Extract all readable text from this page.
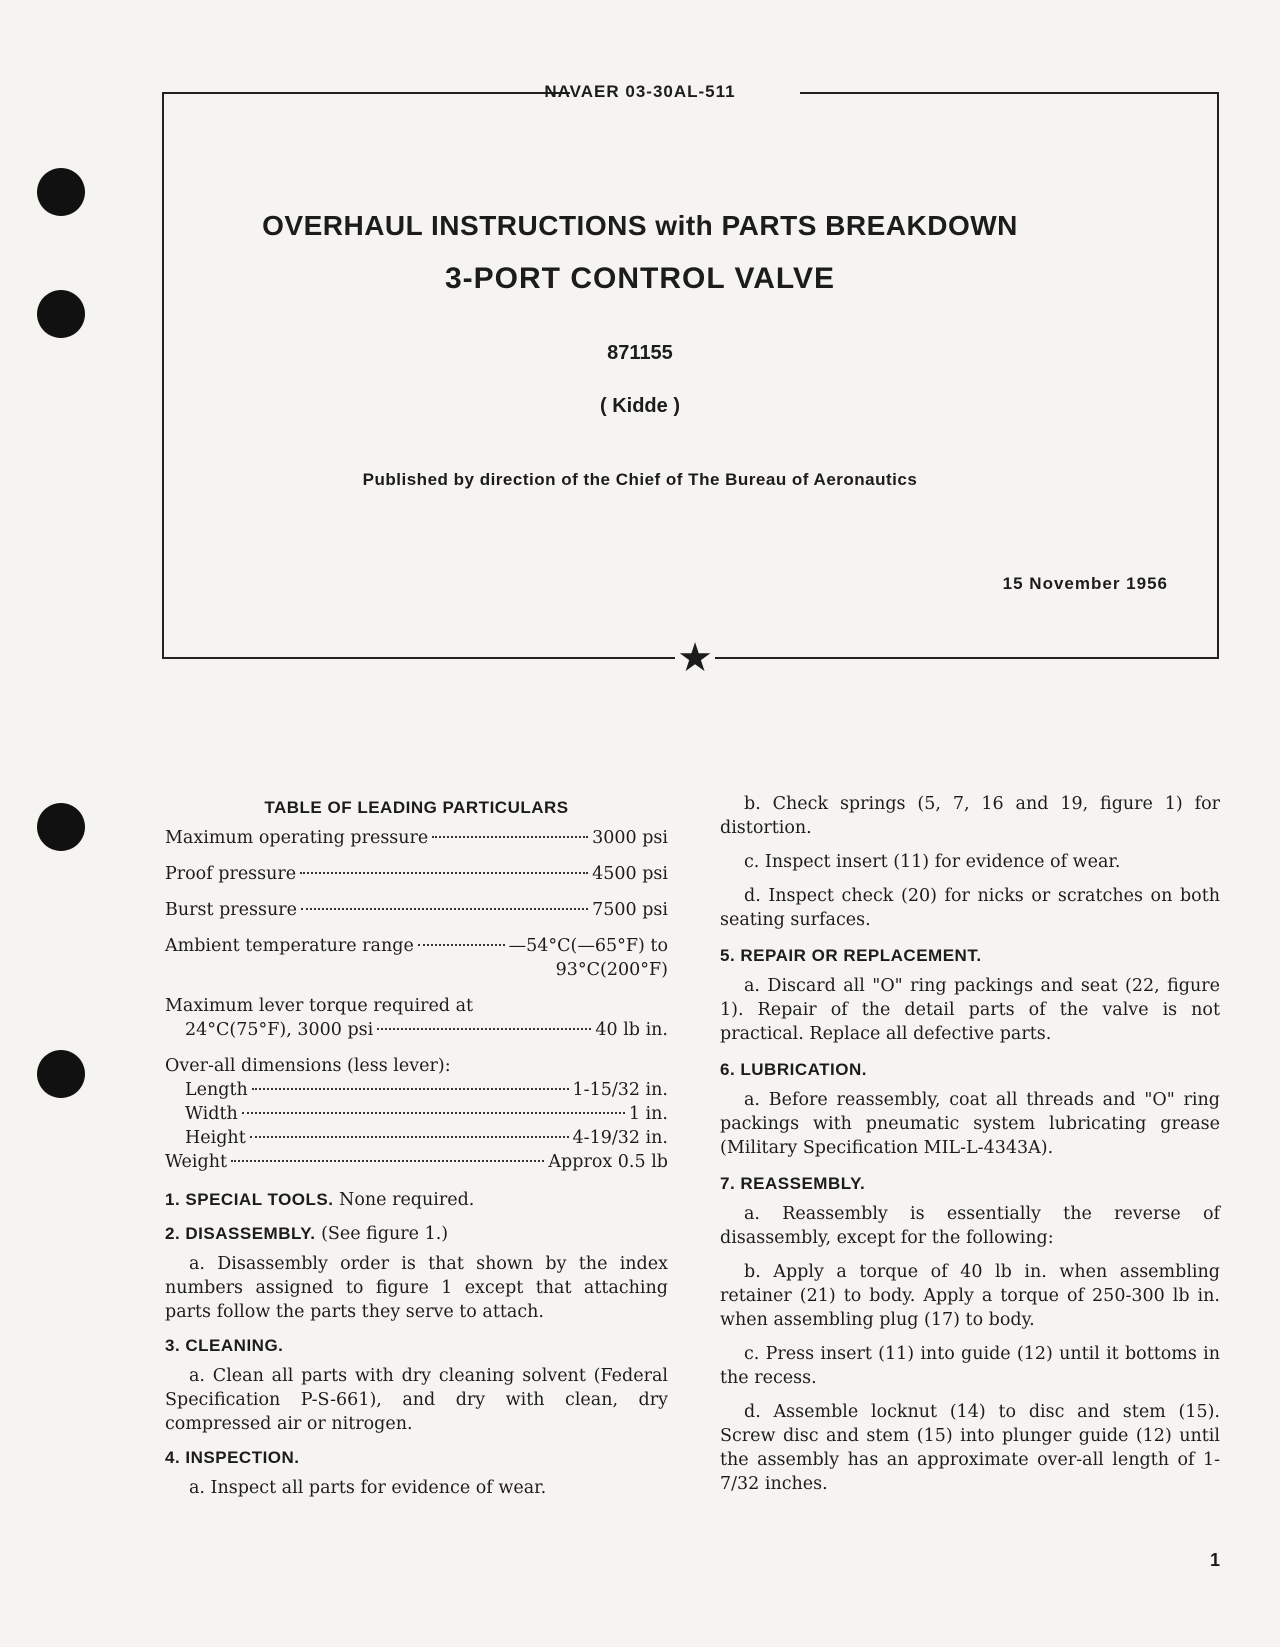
NAVAER 03-30AL-511
★
OVERHAUL INSTRUCTIONS with PARTS BREAKDOWN
3-PORT CONTROL VALVE
871155
( Kidde )
Published by direction of the Chief of The Bureau of Aeronautics
15 November 1956
TABLE OF LEADING PARTICULARS
Maximum operating pressure	3000 psi
Proof pressure	4500 psi
Burst pressure	7500 psi
Ambient temperature range	—54°C(—65°F) to
93°C(200°F)
Maximum lever torque required at
24°C(75°F), 3000 psi	40 lb in.
Over-all dimensions (less lever):
Length	1-15/32 in.
Width	1 in.
Height	4-19/32 in.
Weight	Approx 0.5 lb
1. SPECIAL TOOLS. None required.
2. DISASSEMBLY. (See figure 1.)

a. Disassembly order is that shown by the index numbers assigned to figure 1 except that attaching parts follow the parts they serve to attach.

3. CLEANING.

a. Clean all parts with dry cleaning solvent (Federal Specification P-S-661), and dry with clean, dry compressed air or nitrogen.

4. INSPECTION.

a. Inspect all parts for evidence of wear.

b. Check springs (5, 7, 16 and 19, figure 1) for distortion.

c. Inspect insert (11) for evidence of wear.

d. Inspect check (20) for nicks or scratches on both seating surfaces.

5. REPAIR OR REPLACEMENT.

a. Discard all "O" ring packings and seat (22, figure 1). Repair of the detail parts of the valve is not practical. Replace all defective parts.

6. LUBRICATION.

a. Before reassembly, coat all threads and "O" ring packings with pneumatic system lubricating grease (Military Specification MIL-L-4343A).

7. REASSEMBLY.

a. Reassembly is essentially the reverse of disassembly, except for the following:

b. Apply a torque of 40 lb in. when assembling retainer (21) to body. Apply a torque of 250-300 lb in. when assembling plug (17) to body.

c. Press insert (11) into guide (12) until it bottoms in the recess.

d. Assemble locknut (14) to disc and stem (15). Screw disc and stem (15) into plunger guide (12) until the assembly has an approximate over-all length of 1-7/32 inches.

1
